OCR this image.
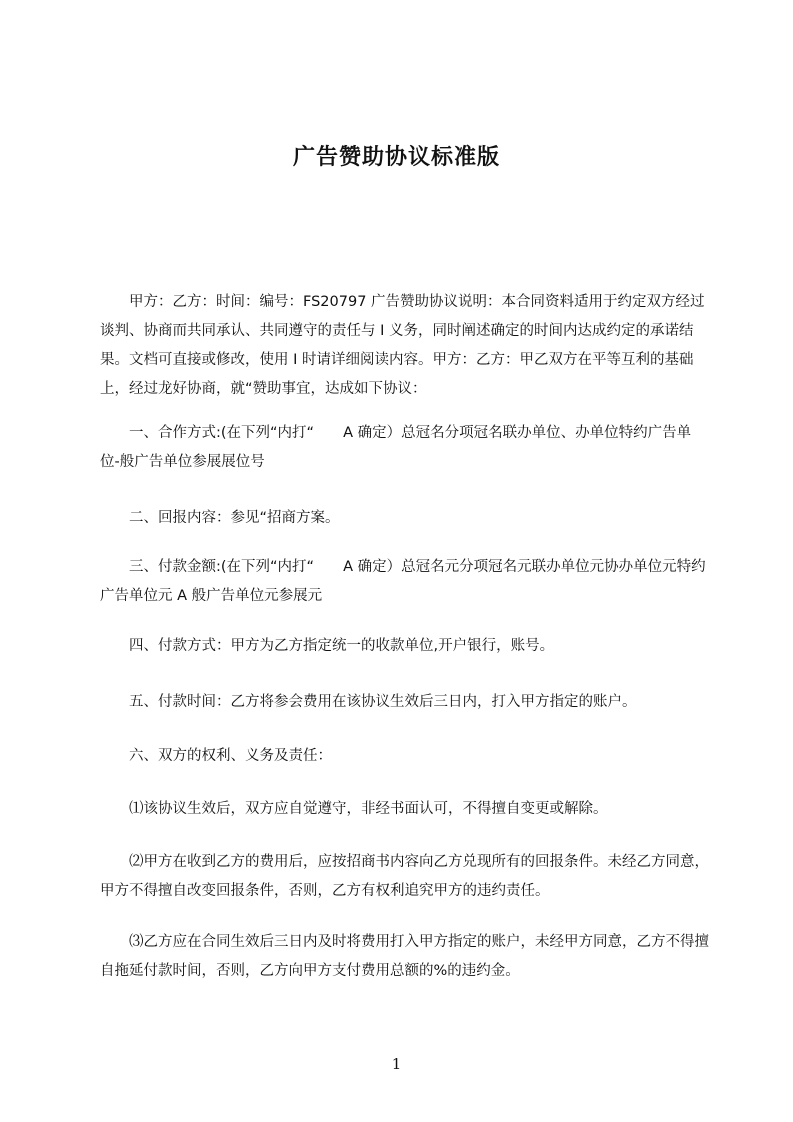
广告赞助协议标准版

　　甲方：乙方：时间：编号：FS20797 广告赞助协议说明：本合同资料适用于约定双方经过谈判、协商而共同承认、共同遵守的责任与 I 义务，同时阐述确定的时间内达成约定的承诺结果。文档可直接或修改，使用 I 时请详细阅读内容。甲方：乙方：甲乙双方在平等互利的基础上，经过龙好协商，就“赞助事宜，达成如下协议：

　　一、合作方式:(在下列“内打“　　A 确定）总冠名分项冠名联办单位、办单位特约广告单位-般广告单位参展展位号

　　二、回报内容：参见“招商方案。

　　三、付款金额:(在下列“内打“　　A 确定）总冠名元分项冠名元联办单位元协办单位元特约广告单位元 A 般广告单位元参展元

　　四、付款方式：甲方为乙方指定统一的收款单位,开户银行，账号。

　　五、付款时间：乙方将参会费用在该协议生效后三日内，打入甲方指定的账户。

　　六、双方的权利、义务及责任：

　　⑴该协议生效后，双方应自觉遵守，非经书面认可，不得擅自变更或解除。

　　⑵甲方在收到乙方的费用后，应按招商书内容向乙方兑现所有的回报条件。未经乙方同意，甲方不得擅自改变回报条件，否则，乙方有权利追究甲方的违约责任。

　　⑶乙方应在合同生效后三日内及时将费用打入甲方指定的账户，未经甲方同意，乙方不得擅自拖延付款时间，否则，乙方向甲方支付费用总额的%的违约金。

1
